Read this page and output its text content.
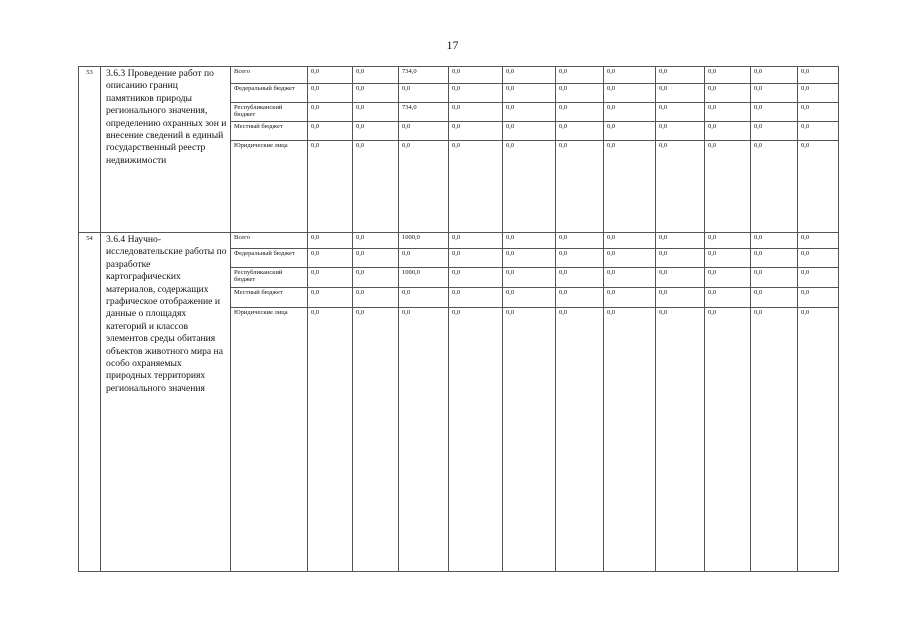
17
53	3.6.3 Проведение работ по описанию границ памятников природы регионального значения, определению охранных зон и внесение сведений в единый государственный реестр недвижимости	Всего	0,0	0,0	734,0	0,0	0,0	0,0	0,0	0,0	0,0	0,0	0,0
		Федеральный бюджет	0,0	0,0	0,0	0,0	0,0	0,0	0,0	0,0	0,0	0,0	0,0
		Республиканский бюджет	0,0	0,0	734,0	0,0	0,0	0,0	0,0	0,0	0,0	0,0	0,0
		Местный бюджет	0,0	0,0	0,0	0,0	0,0	0,0	0,0	0,0	0,0	0,0	0,0
		Юридические лица	0,0	0,0	0,0	0,0	0,0	0,0	0,0	0,0	0,0	0,0	0,0
54	3.6.4 Научно-исследовательские работы по разработке картографических материалов, содержащих графическое отображение и данные о площадях категорий и классов элементов среды обитания объектов животного мира на особо охраняемых природных территориях регионального значения	Всего	0,0	0,0	1000,0	0,0	0,0	0,0	0,0	0,0	0,0	0,0	0,0
		Федеральный бюджет	0,0	0,0	0,0	0,0	0,0	0,0	0,0	0,0	0,0	0,0	0,0
		Республиканский бюджет	0,0	0,0	1000,0	0,0	0,0	0,0	0,0	0,0	0,0	0,0	0,0
		Местный бюджет	0,0	0,0	0,0	0,0	0,0	0,0	0,0	0,0	0,0	0,0	0,0
		Юридические лица	0,0	0,0	0,0	0,0	0,0	0,0	0,0	0,0	0,0	0,0	0,0
